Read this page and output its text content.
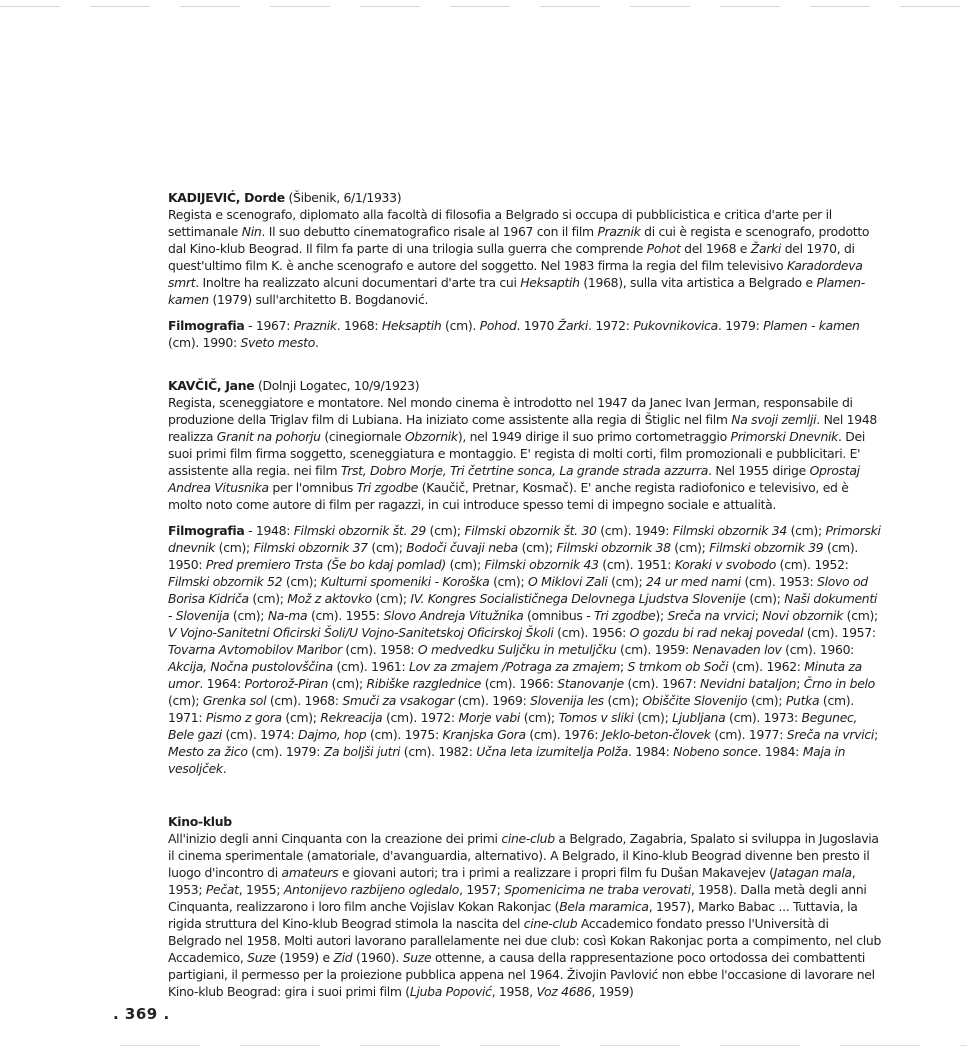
KADIJEVIĆ, Dorde (Šibenik, 6/1/1933)
Regista e scenografo, diplomato alla facoltà di filosofia a Belgrado si occupa di pubblicistica e critica d'arte per il settimanale Nin. Il suo debutto cinematografico risale al 1967 con il film Praznik di cui è regista e scenografo, prodotto dal Kino-klub Beograd. Il film fa parte di una trilogia sulla guerra che comprende Pohot del 1968 e Žarki del 1970, di quest'ultimo film K. è anche scenografo e autore del soggetto. Nel 1983 firma la regia del film televisivo Karadordeva smrt. Inoltre ha realizzato alcuni documentari d'arte tra cui Heksaptih (1968), sulla vita artistica a Belgrado e Plamen-kamen (1979) sull'architetto B. Bogdanović.

Filmografia - 1967: Praznik. 1968: Heksaptih (cm). Pohod. 1970 Žarki. 1972: Pukovnikovica. 1979: Plamen - kamen (cm). 1990: Sveto mesto.

KAVČIČ, Jane (Dolnji Logatec, 10/9/1923)
Regista, sceneggiatore e montatore. Nel mondo cinema è introdotto nel 1947 da Janec Ivan Jerman, responsabile di produzione della Triglav film di Lubiana. Ha iniziato come assistente alla regia di Štiglic nel film Na svoji zemlji. Nel 1948 realizza Granit na pohorju (cinegiornale Obzornik), nel 1949 dirige il suo primo cortometraggio Primorski Dnevnik. Dei suoi primi film firma soggetto, sceneggiatura e montaggio. E' regista di molti corti, film promozionali e pubblicitari. E' assistente alla regia. nei film Trst, Dobro Morje, Tri četrtine sonca, La grande strada azzurra. Nel 1955 dirige Oprostaj Andrea Vitusnika per l'omnibus Tri zgodbe (Kaučič, Pretnar, Kosmač). E' anche regista radiofonico e televisivo, ed è molto noto come autore di film per ragazzi, in cui introduce spesso temi di impegno sociale e attualità.

Filmografia - 1948: Filmski obzornik št. 29 (cm); Filmski obzornik št. 30 (cm). 1949: Filmski obzornik 34 (cm); Primorski dnevnik (cm); Filmski obzornik 37 (cm); Bodoči čuvaji neba (cm); Filmski obzornik 38 (cm); Filmski obzornik 39 (cm). 1950: Pred premiero Trsta (Še bo kdaj pomlad) (cm); Filmski obzornik 43 (cm). 1951: Koraki v svobodo (cm). 1952: Filmski obzornik 52 (cm); Kulturni spomeniki - Koroška (cm); O Miklovi Zali (cm); 24 ur med nami (cm). 1953: Slovo od Borisa Kidriča (cm); Mož z aktovko (cm); IV. Kongres Socialističnega Delovnega Ljudstva Slovenije (cm); Naši dokumenti - Slovenija (cm); Na-ma (cm). 1955: Slovo Andreja Vitužnika (omnibus - Tri zgodbe); Sreča na vrvici; Novi obzornik (cm); V Vojno-Sanitetni Oficirski Šoli/U Vojno-Sanitetskoj Oficirskoj Školi (cm). 1956: O gozdu bi rad nekaj povedal (cm). 1957: Tovarna Avtomobilov Maribor (cm). 1958: O medvedku Suljčku in metuljčku (cm). 1959: Nenavaden lov (cm). 1960: Akcija, Nočna pustolovščina (cm). 1961: Lov za zmajem /Potraga za zmajem; S trnkom ob Soči (cm). 1962: Minuta za umor. 1964: Portorož-Piran (cm); Ribiške razglednice (cm). 1966: Stanovanje (cm). 1967: Nevidni bataljon; Črno in belo (cm); Grenka sol (cm). 1968: Smuči za vsakogar (cm). 1969: Slovenija les (cm); Obiščite Slovenijo (cm); Putka (cm). 1971: Pismo z gora (cm); Rekreacija (cm). 1972: Morje vabi (cm); Tomos v sliki (cm); Ljubljana (cm). 1973: Begunec, Bele gazi (cm). 1974: Dajmo, hop (cm). 1975: Kranjska Gora (cm). 1976: Jeklo-beton-človek (cm). 1977: Sreča na vrvici; Mesto za žico (cm). 1979: Za boljši jutri (cm). 1982: Učna leta izumitelja Polža. 1984: Nobeno sonce. 1984: Maja in vesoljček.

Kino-klub

All'inizio degli anni Cinquanta con la creazione dei primi cine-club a Belgrado, Zagabria, Spalato si sviluppa in Jugoslavia il cinema sperimentale (amatoriale, d'avanguardia, alternativo). A Belgrado, il Kino-klub Beograd divenne ben presto il luogo d'incontro di amateurs e giovani autori; tra i primi a realizzare i propri film fu Dušan Makavejev (Jatagan mala, 1953; Pečat, 1955; Antonijevo razbijeno ogledalo, 1957; Spomenicima ne traba verovati, 1958). Dalla metà degli anni Cinquanta, realizzarono i loro film anche Vojislav Kokan Rakonjac (Bela maramica, 1957), Marko Babac ... Tuttavia, la rigida struttura del Kino-klub Beograd stimola la nascita del cine-club Accademico fondato presso l'Università di Belgrado nel 1958. Molti autori lavorano parallelamente nei due club: così Kokan Rakonjac porta a compimento, nel club Accademico, Suze (1959) e Zid (1960). Suze ottenne, a causa della rappresentazione poco ortodossa dei combattenti partigiani, il permesso per la proiezione pubblica appena nel 1964. Živojin Pavlović non ebbe l'occasione di lavorare nel Kino-klub Beograd: gira i suoi primi film (Ljuba Popović, 1958, Voz 4686, 1959)

. 369 .
